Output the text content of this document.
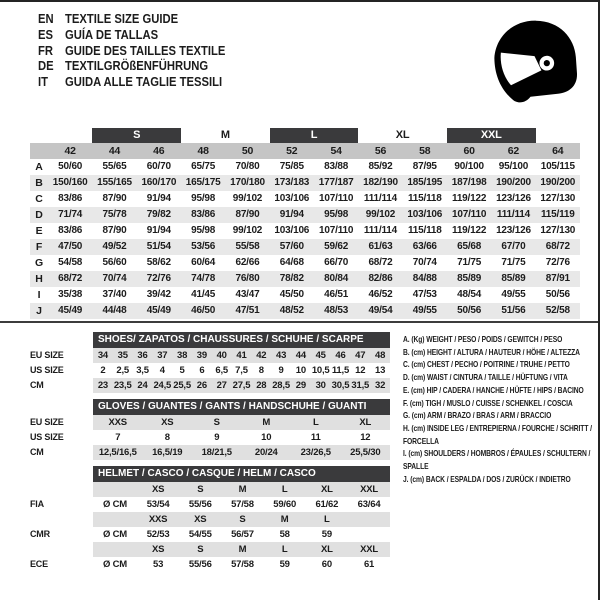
EN TEXTILE SIZE GUIDE
ES GUÍA DE TALLAS
FR GUIDE DES TAILLES TEXTILE
DE TEXTILGRÖßENFÜHRUNG
IT GUIDA ALLE TAGLIE TESSILI
		S		M		L		XL		XXL		
	42	44	46	48	50	52	54	56	58	60	62	64
A	50/60	55/65	60/70	65/75	70/80	75/85	83/88	85/92	87/95	90/100	95/100	105/115
B	150/160	155/165	160/170	165/175	170/180	173/183	177/187	182/190	185/195	187/198	190/200	190/200
C	83/86	87/90	91/94	95/98	99/102	103/106	107/110	111/114	115/118	119/122	123/126	127/130
D	71/74	75/78	79/82	83/86	87/90	91/94	95/98	99/102	103/106	107/110	111/114	115/119
E	83/86	87/90	91/94	95/98	99/102	103/106	107/110	111/114	115/118	119/122	123/126	127/130
F	47/50	49/52	51/54	53/56	55/58	57/60	59/62	61/63	63/66	65/68	67/70	68/72
G	54/58	56/60	58/62	60/64	62/66	64/68	66/70	68/72	70/74	71/75	71/75	72/76
H	68/72	70/74	72/76	74/78	76/80	78/82	80/84	82/86	84/88	85/89	85/89	87/91
I	35/38	37/40	39/42	41/45	43/47	45/50	46/51	46/52	47/53	48/54	49/55	50/56
J	45/49	44/48	45/49	46/50	47/51	48/52	48/53	49/54	49/55	50/56	51/56	52/58
	SHOES/ ZAPATOS / CHAUSSURES / SCHUHE / SCARPE														
EU SIZE	34	35	36	37	38	39	40	41	42	43	44	45	46	47	48
US SIZE	2	2,5	3,5	4	5	6	6,5	7,5	8	9	10	10,5	11,5	12	13
CM	23	23,5	24	24,5	25,5	26	27	27,5	28	28,5	29	30	30,5	31,5	32
	GLOVES / GUANTES / GANTS / HANDSCHUHE / GUANTI					
EU SIZE	XXS	XS	S	M	L	XL
US SIZE	7	8	9	10	11	12
CM	12,5/16,5	16,5/19	18/21,5	20/24	23/26,5	25,5/30
	HELMET / CASCO / CASQUE / HELM / CASCO						
		XS	S	M	L	XL	XXL
FIA	Ø CM	53/54	55/56	57/58	59/60	61/62	63/64
		XXS	XS	S	M	L	
CMR	Ø CM	52/53	54/55	56/57	58	59	
		XS	S	M	L	XL	XXL
ECE	Ø CM	53	55/56	57/58	59	60	61
A. (Kg) WEIGHT / PESO / POIDS / GEWITCH / PESO
B. (cm) HEIGHT / ALTURA / HAUTEUR / HÖHE / ALTEZZA
C. (cm) CHEST / PECHO / POITRINE / TRUHE / PETTO
D. (cm) WAIST / CINTURA / TAILLE / HÜFTUNG / VITA
E. (cm) HIP / CADERA / HANCHE / HÜFTE / HIPS / BACINO
F. (cm) TIGH / MUSLO / CUISSE / SCHENKEL / COSCIA
G. (cm) ARM / BRAZO / BRAS / ARM / BRACCIO
H. (cm) INSIDE LEG / ENTREPIERNA / FOURCHE / SCHRITT / FORCELLA
I. (cm) SHOULDERS / HOMBROS / ÉPAULES / SCHULTERN / SPALLE
J. (cm) BACK / ESPALDA / DOS / ZURÜCK / INDIETRO
